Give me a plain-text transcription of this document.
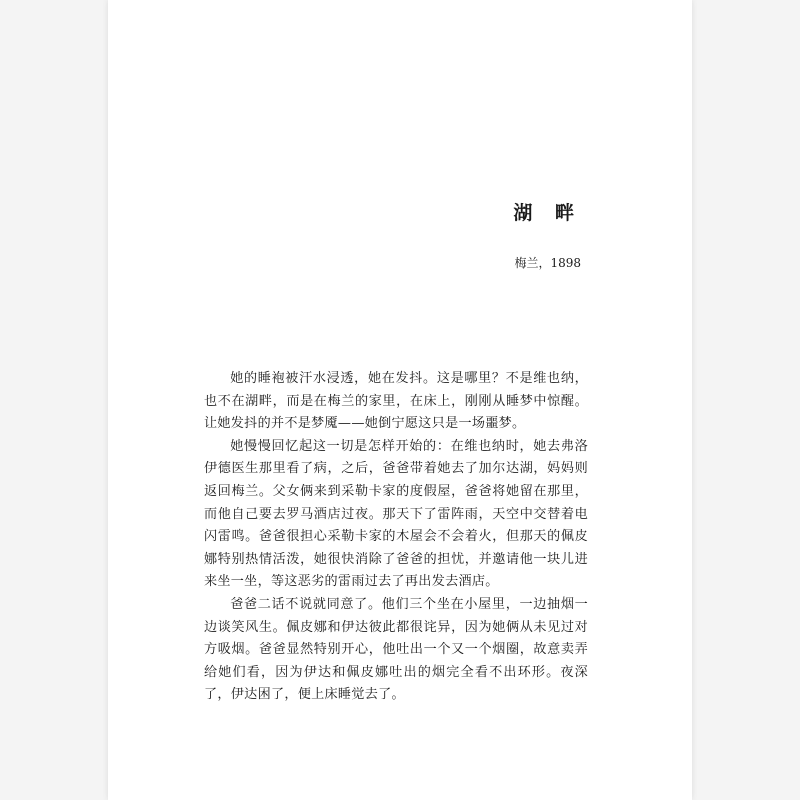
湖 畔
梅兰，1898

她的睡袍被汗水浸透，她在发抖。这是哪里？不是维也纳，也不在湖畔，而是在梅兰的家里，在床上，刚刚从睡梦中惊醒。让她发抖的并不是梦魇——她倒宁愿这只是一场噩梦。

她慢慢回忆起这一切是怎样开始的：在维也纳时，她去弗洛伊德医生那里看了病，之后，爸爸带着她去了加尔达湖，妈妈则返回梅兰。父女俩来到采勒卡家的度假屋，爸爸将她留在那里，而他自己要去罗马酒店过夜。那天下了雷阵雨，天空中交替着电闪雷鸣。爸爸很担心采勒卡家的木屋会不会着火，但那天的佩皮娜特别热情活泼，她很快消除了爸爸的担忧，并邀请他一块儿进来坐一坐，等这恶劣的雷雨过去了再出发去酒店。

爸爸二话不说就同意了。他们三个坐在小屋里，一边抽烟一边谈笑风生。佩皮娜和伊达彼此都很诧异，因为她俩从未见过对方吸烟。爸爸显然特别开心，他吐出一个又一个烟圈，故意卖弄给她们看，因为伊达和佩皮娜吐出的烟完全看不出环形。夜深了，伊达困了，便上床睡觉去了。
